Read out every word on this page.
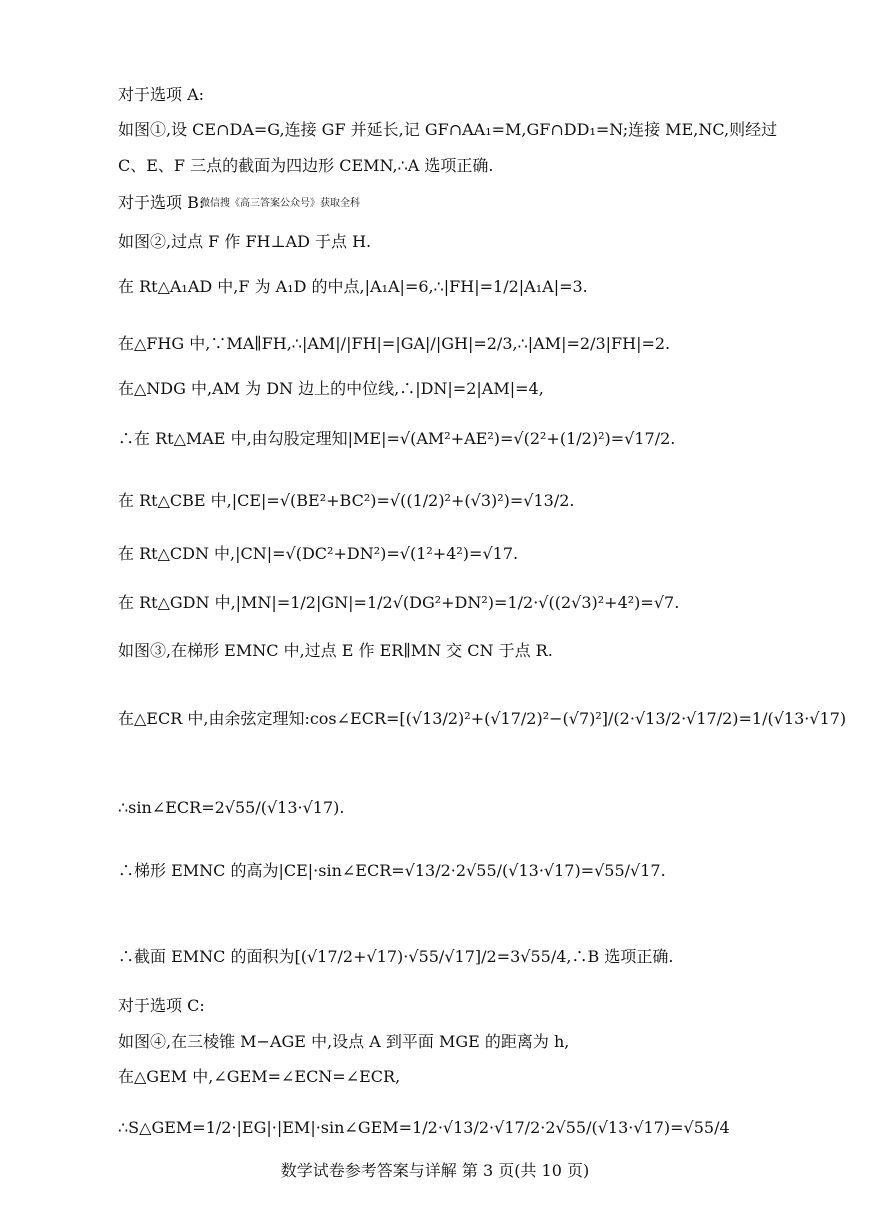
对于选项 A:
如图①,设 CE∩DA=G,连接 GF 并延长,记 GF∩AA₁=M,GF∩DD₁=N;连接 ME,NC,则经过
C、E、F 三点的截面为四边形 CEMN,∴A 选项正确.
对于选项 B:
如图②,过点 F 作 FH⊥AD 于点 H.
在 Rt△A₁AD 中,F 为 A₁D 的中点,|A₁A|=6,∴|FH|=1/2|A₁A|=3.
在△FHG 中,∵MA∥FH,∴|AM|/|FH|=|GA|/|GH|=2/3,∴|AM|=2/3|FH|=2.
在△NDG 中,AM 为 DN 边上的中位线,∴|DN|=2|AM|=4,
∴在 Rt△MAE 中,由勾股定理知|ME|=√(AM²+AE²)=√(2²+(1/2)²)=√17/2.
在 Rt△CBE 中,|CE|=√(BE²+BC²)=√((1/2)²+(√3)²)=√13/2.
在 Rt△CDN 中,|CN|=√(DC²+DN²)=√(1²+4²)=√17.
在 Rt△GDN 中,|MN|=1/2|GN|=1/2√(DG²+DN²)=1/2·√((2√3)²+4²)=√7.
如图③,在梯形 EMNC 中,过点 E 作 ER∥MN 交 CN 于点 R.
在△ECR 中,由余弦定理知:cos∠ECR=[(√13/2)²+(√17/2)²−(√7)²]/(2·√13/2·√17/2)=1/(√13·√17)
∴sin∠ECR=2√55/(√13·√17).
∴梯形 EMNC 的高为|CE|·sin∠ECR=√13/2·2√55/(√13·√17)=√55/√17.
∴截面 EMNC 的面积为[(√17/2+√17)·√55/√17]/2=3√55/4,∴B 选项正确.
对于选项 C:
如图④,在三棱锥 M−AGE 中,设点 A 到平面 MGE 的距离为 h,
在△GEM 中,∠GEM=∠ECN=∠ECR,
∴S△GEM=1/2·|EG|·|EM|·sin∠GEM=1/2·√13/2·√17/2·2√55/(√13·√17)=√55/4
微信搜《高三答案公众号》获取全科
数学试卷参考答案与详解 第 3 页(共 10 页)
